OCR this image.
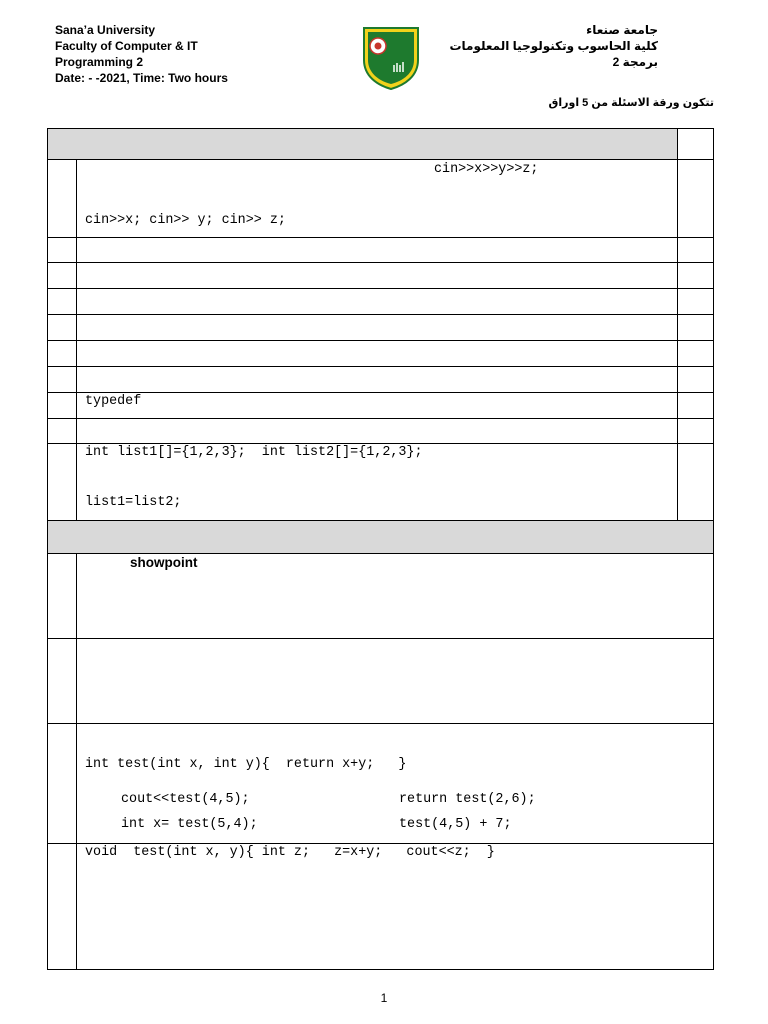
Sana’a University
Faculty of Computer & IT
Programming 2
Date: - -2021, Time: Two hours
جامعة صنعاء
كلية الحاسوب وتكنولوجيا المعلومات
برمجة 2
تتكون ورقة الاسئلة من 5 اوراق
cin>>x>>y>>z;
cin>>x; cin>> y; cin>> z;
typedef
int list1[]={1,2,3};  int list2[]={1,2,3};
list1=list2;
showpoint
int test(int x, int y){  return x+y;   }
cout<<test(4,5);	return test(2,6);
int x= test(5,4);	test(4,5) + 7;
void  test(int x, y){ int z;   z=x+y;   cout<<z;  }
1
